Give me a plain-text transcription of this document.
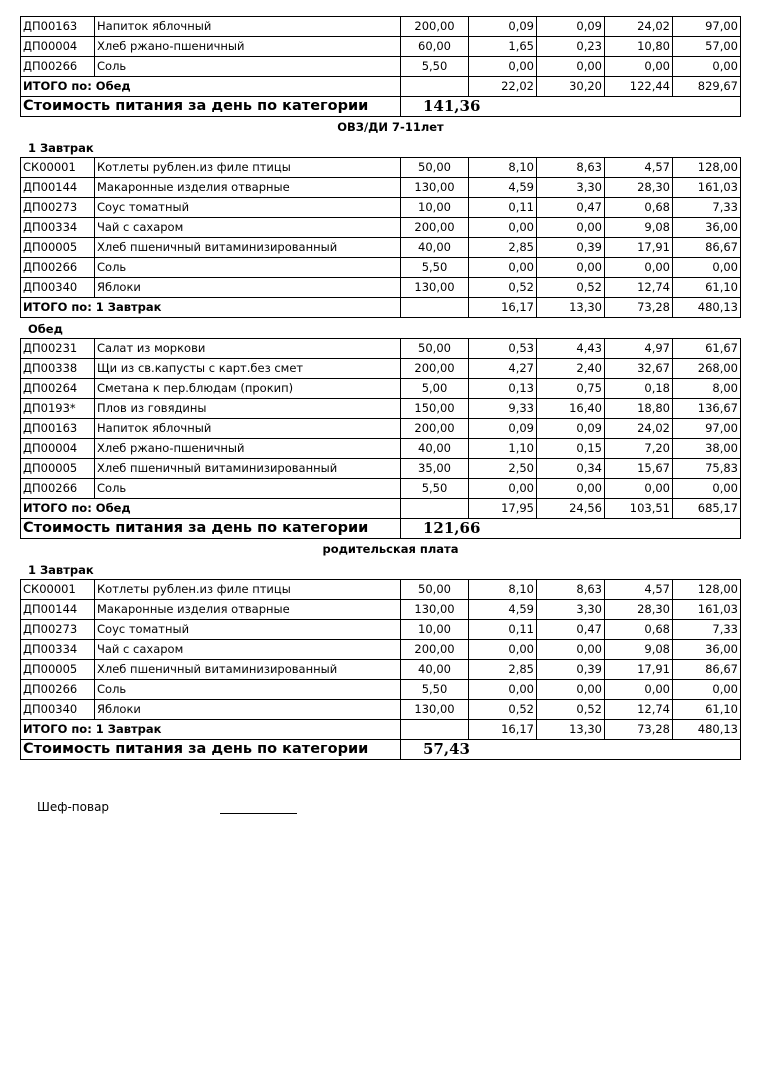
ДП00163	Напиток яблочный	200,00	0,09	0,09	24,02	97,00
ДП00004	Хлеб ржано-пшеничный	60,00	1,65	0,23	10,80	57,00
ДП00266	Соль	5,50	0,00	0,00	0,00	0,00
ИТОГО по: Обед			22,02	30,20	122,44	829,67
Стоимость питания за день по категории		141,36				
ОВЗ/ДИ 7-11лет
1 Завтрак
СК00001	Котлеты рублен.из филе птицы	50,00	8,10	8,63	4,57	128,00
ДП00144	Макаронные изделия отварные	130,00	4,59	3,30	28,30	161,03
ДП00273	Соус томатный	10,00	0,11	0,47	0,68	7,33
ДП00334	Чай с сахаром	200,00	0,00	0,00	9,08	36,00
ДП00005	Хлеб пшеничный витаминизированный	40,00	2,85	0,39	17,91	86,67
ДП00266	Соль	5,50	0,00	0,00	0,00	0,00
ДП00340	Яблоки	130,00	0,52	0,52	12,74	61,10
ИТОГО по: 1 Завтрак			16,17	13,30	73,28	480,13
Обед
ДП00231	Салат из моркови	50,00	0,53	4,43	4,97	61,67
ДП00338	Щи из св.капусты с карт.без смет	200,00	4,27	2,40	32,67	268,00
ДП00264	Сметана к пер.блюдам (прокип)	5,00	0,13	0,75	0,18	8,00
ДП0193*	Плов из говядины	150,00	9,33	16,40	18,80	136,67
ДП00163	Напиток яблочный	200,00	0,09	0,09	24,02	97,00
ДП00004	Хлеб ржано-пшеничный	40,00	1,10	0,15	7,20	38,00
ДП00005	Хлеб пшеничный витаминизированный	35,00	2,50	0,34	15,67	75,83
ДП00266	Соль	5,50	0,00	0,00	0,00	0,00
ИТОГО по: Обед			17,95	24,56	103,51	685,17
Стоимость питания за день по категории		121,66				
родительская плата
1 Завтрак
СК00001	Котлеты рублен.из филе птицы	50,00	8,10	8,63	4,57	128,00
ДП00144	Макаронные изделия отварные	130,00	4,59	3,30	28,30	161,03
ДП00273	Соус томатный	10,00	0,11	0,47	0,68	7,33
ДП00334	Чай с сахаром	200,00	0,00	0,00	9,08	36,00
ДП00005	Хлеб пшеничный витаминизированный	40,00	2,85	0,39	17,91	86,67
ДП00266	Соль	5,50	0,00	0,00	0,00	0,00
ДП00340	Яблоки	130,00	0,52	0,52	12,74	61,10
ИТОГО по: 1 Завтрак			16,17	13,30	73,28	480,13
Стоимость питания за день по категории		57,43				
Шеф-повар
